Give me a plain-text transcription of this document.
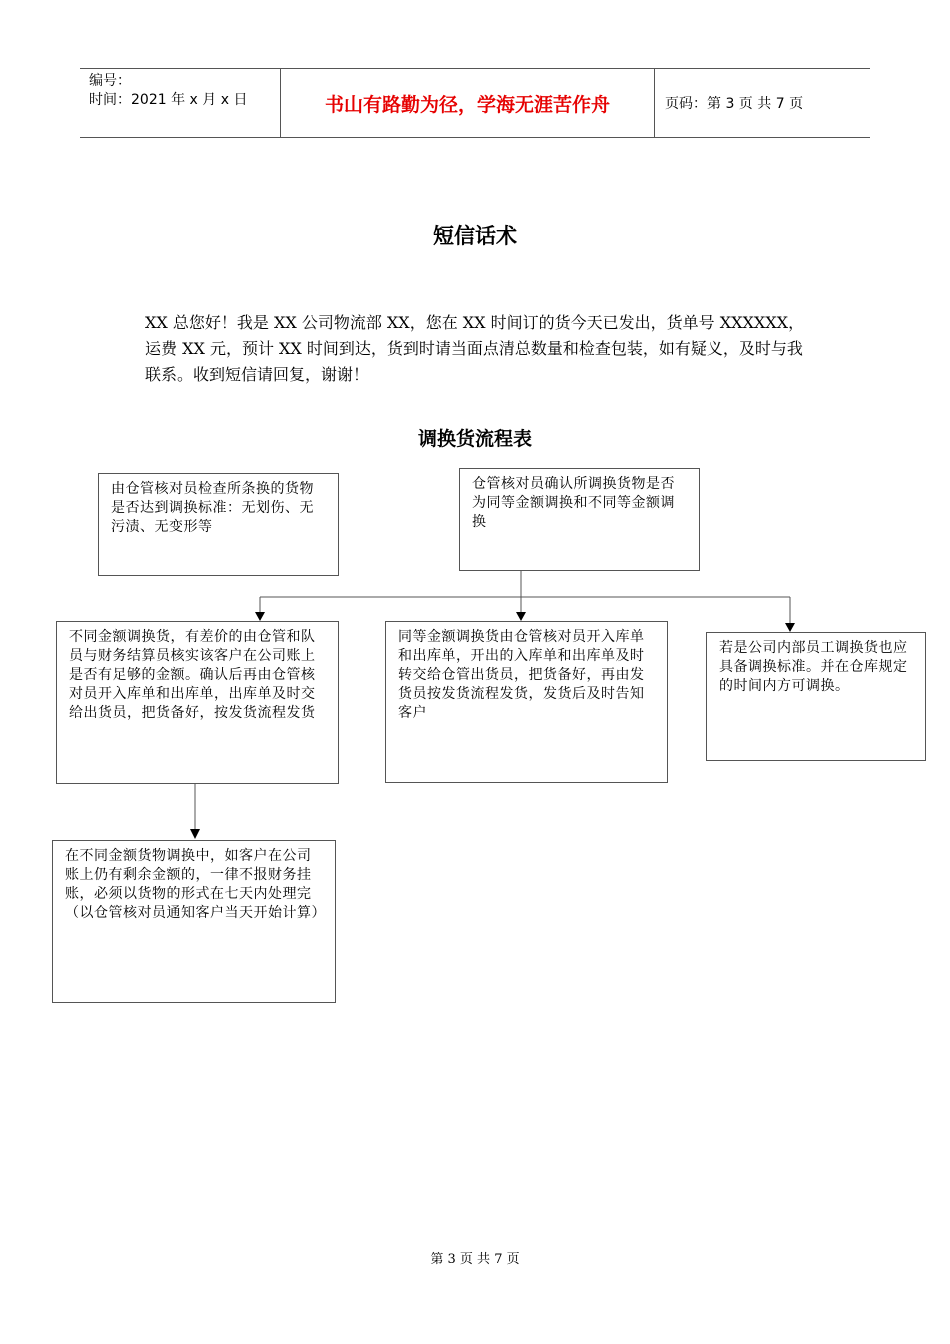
编号：
时间：2021 年 x 月 x 日	书山有路勤为径，学海无涯苦作舟	页码：第 3 页 共 7 页
短信话术
XX 总您好！我是 XX 公司物流部 XX，您在 XX 时间订的货今天已发出，货单号 XXXXXX，运费 XX 元，预计 XX 时间到达，货到时请当面点清总数量和检查包装，如有疑义，及时与我联系。收到短信请回复，谢谢！
调换货流程表
由仓管核对员检查所条换的货物是否达到调换标准：无划伤、无污渍、无变形等
仓管核对员确认所调换货物是否为同等金额调换和不同等金额调换
不同金额调换货，有差价的由仓管和队员与财务结算员核实该客户在公司账上是否有足够的金额。确认后再由仓管核对员开入库单和出库单，出库单及时交给出货员，把货备好，按发货流程发货
同等金额调换货由仓管核对员开入库单和出库单，开出的入库单和出库单及时转交给仓管出货员，把货备好，再由发货员按发货流程发货，发货后及时告知客户
若是公司内部员工调换货也应具备调换标准。并在仓库规定的时间内方可调换。
在不同金额货物调换中，如客户在公司账上仍有剩余金额的，一律不报财务挂账，必须以货物的形式在七天内处理完（以仓管核对员通知客户当天开始计算）
第 3 页 共 7 页
